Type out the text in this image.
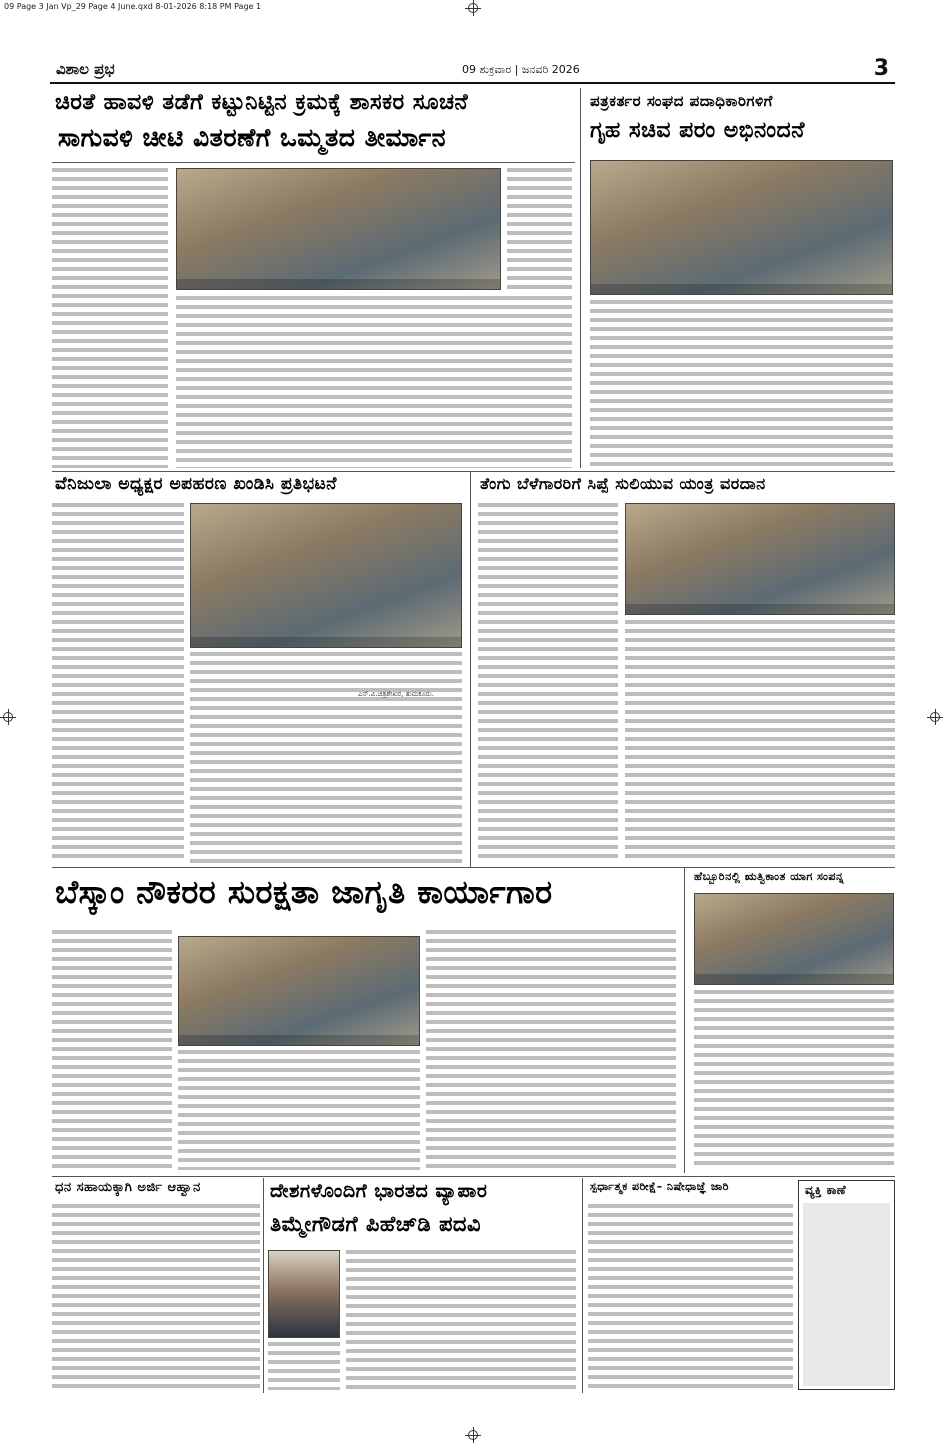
09 Page 3 Jan Vp_29 Page 4 June.qxd 8-01-2026 8:18 PM Page 1
ವಿಶಾಲ ಪ್ರಭ	09 ಶುಕ್ರವಾರ | ಜನವರಿ 2026	3
ಚಿರತೆ ಹಾವಳಿ ತಡೆಗೆ ಕಟ್ಟುನಿಟ್ಟಿನ ಕ್ರಮಕ್ಕೆ ಶಾಸಕರ ಸೂಚನೆ
ಸಾಗುವಳಿ ಚೀಟಿ ವಿತರಣೆಗೆ ಒಮ್ಮತದ ತೀರ್ಮಾನ
ಪತ್ರಕರ್ತರ ಸಂಘದ ಪದಾಧಿಕಾರಿಗಳಿಗೆ
ಗೃಹ ಸಚಿವ ಪರಂ ಅಭಿನಂದನೆ
ವೆನಿಜುಲಾ ಅಧ್ಯಕ್ಷರ ಅಪಹರಣ ಖಂಡಿಸಿ ಪ್ರತಿಭಟನೆ
ಎಸ್.ವಿ.ಚಿತ್ರಶೇಖರ, ತುಮಕೂರು.
ತೆಂಗು ಬೆಳೆಗಾರರಿಗೆ ಸಿಪ್ಪೆ ಸುಲಿಯುವ ಯಂತ್ರ ವರದಾನ
ಬೆಸ್ಕಾಂ ನೌಕರರ ಸುರಕ್ಷತಾ ಜಾಗೃತಿ ಕಾರ್ಯಾಗಾರ	ಹೆಬ್ಬೂರಿನಲ್ಲಿ ಋತ್ವಿಕಾಂತ ಯಾಗ ಸಂಪನ್ನ
ಧನ ಸಹಾಯಕ್ಕಾಗಿ ಅರ್ಜಿ ಆಹ್ವಾನ	ದೇಶಗಳೊಂದಿಗೆ ಭಾರತದ ವ್ಯಾಪಾರ
ತಿಮ್ಮೇಗೌಡಗೆ ಪಿಹೆಚ್‌ಡಿ ಪದವಿ
ಸ್ಪರ್ಧಾತ್ಮಕ ಪರೀಕ್ಷೆ– ನಿಷೇಧಾಜ್ಞೆ ಜಾರಿ	ವ್ಯಕ್ತಿ ಕಾಣೆ
